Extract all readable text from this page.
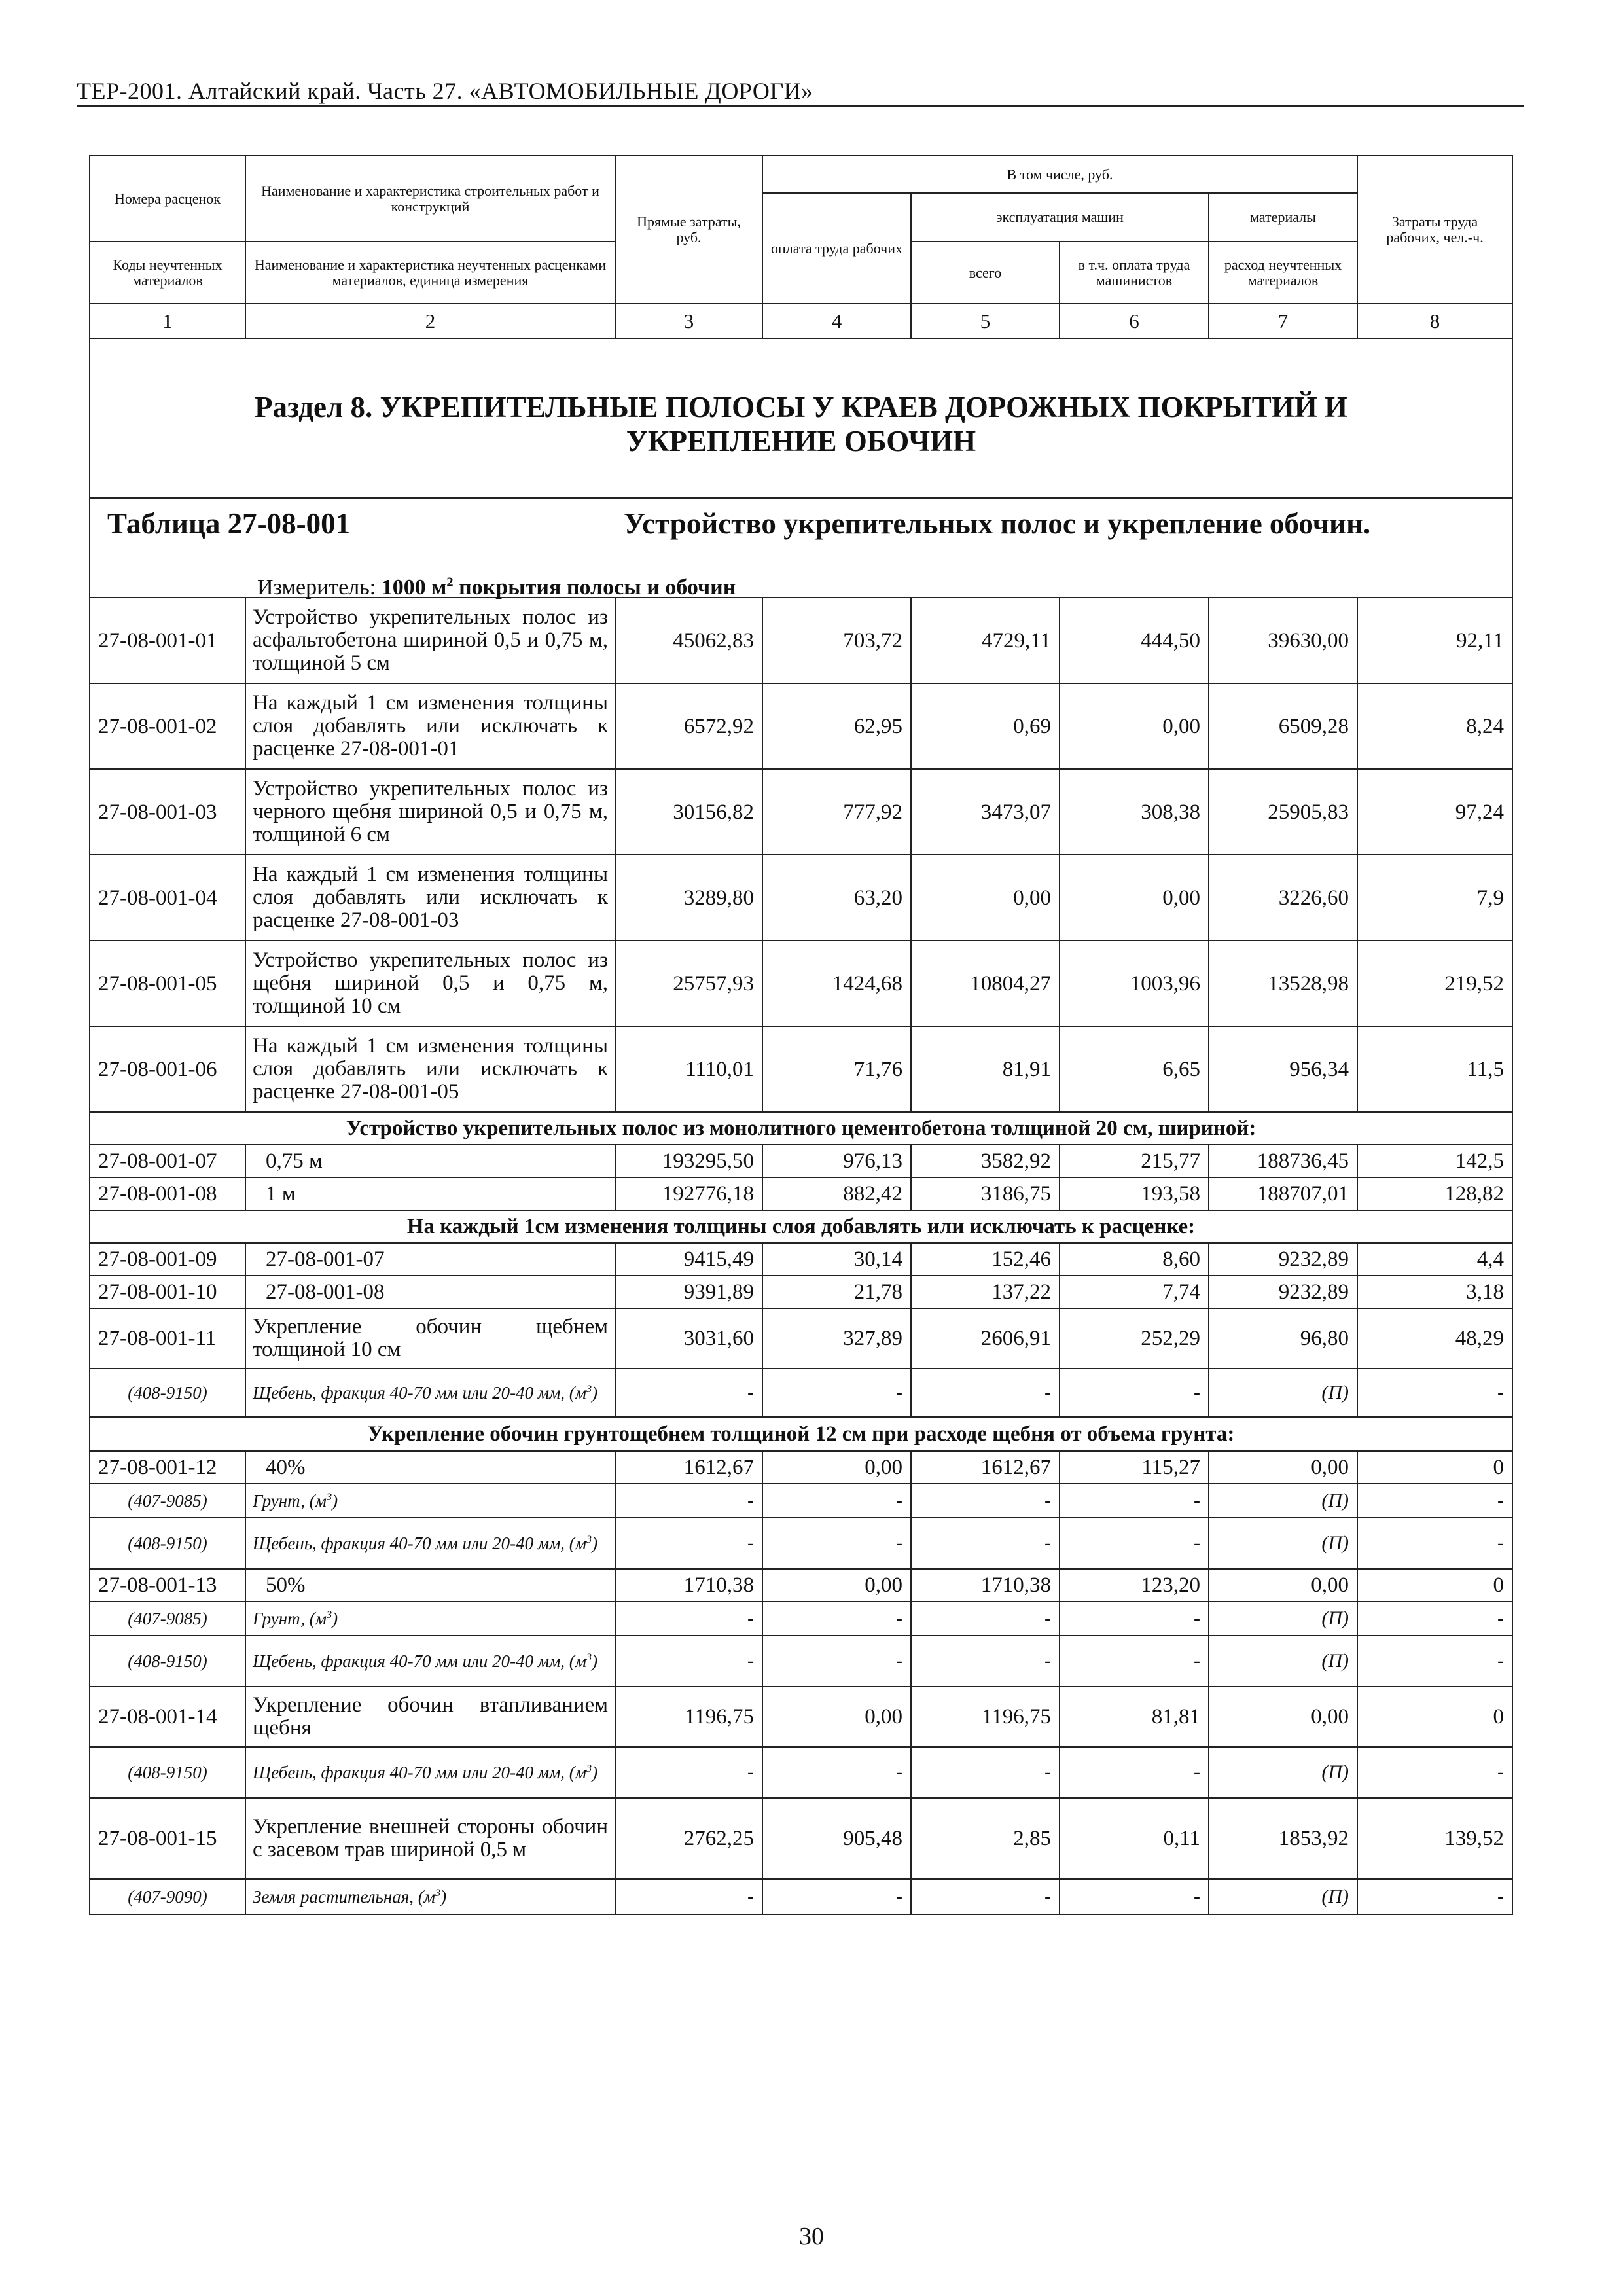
ТЕР-2001. Алтайский край. Часть 27. «АВТОМОБИЛЬНЫЕ ДОРОГИ»
Номера расценок	Наименование и характеристика строительных работ и конструкций	Прямые затраты, руб.	В том числе, руб.				Затраты труда рабочих, чел.-ч.
			оплата труда рабочих	эксплуатация машин		материалы	
Коды неучтенных материалов	Наименование и характеристика неучтенных расценками материалов, единица измерения			всего	в т.ч. оплата труда машинистов	расход неучтенных материалов	

1	2	3	4	5	6	7	8

Раздел 8. УКРЕПИТЕЛЬНЫЕ ПОЛОСЫ У КРАЕВ ДОРОЖНЫХ ПОКРЫТИЙ И УКРЕПЛЕНИЕ ОБОЧИН							

Таблица 27-08-001 Устройство укрепительных полос и укрепление обочин.
Измеритель: 1000 $м^2$ покрытия полосы и обочин							

27-08-001-01	Устройство укрепительных полос из асфальтобетона шириной 0,5 и 0,75 м, толщиной 5 см	45062,83	703,72	4729,11	444,50	39630,00	92,11
27-08-001-02	На каждый 1 см изменения толщины слоя добавлять или исключать к расценке 27-08-001-01	6572,92	62,95	0,69	0,00	6509,28	8,24
27-08-001-03	Устройство укрепительных полос из черного щебня шириной 0,5 и 0,75 м, толщиной 6 см	30156,82	777,92	3473,07	308,38	25905,83	97,24
27-08-001-04	На каждый 1 см изменения толщины слоя добавлять или исключать к расценке 27-08-001-03	3289,80	63,20	0,00	0,00	3226,60	7,9
27-08-001-05	Устройство укрепительных полос из щебня шириной 0,5 и 0,75 м, толщиной 10 см	25757,93	1424,68	10804,27	1003,96	13528,98	219,52
27-08-001-06	На каждый 1 см изменения толщины слоя добавлять или исключать к расценке 27-08-001-05	1110,01	71,76	81,91	6,65	956,34	11,5
Устройство укрепительных полос из монолитного цементобетона толщиной 20 см, шириной:							
27-08-001-07	0,75 м	193295,50	976,13	3582,92	215,77	188736,45	142,5
27-08-001-08	1 м	192776,18	882,42	3186,75	193,58	188707,01	128,82
На каждый 1см изменения толщины слоя добавлять или исключать к расценке:							
27-08-001-09	27-08-001-07	9415,49	30,14	152,46	8,60	9232,89	4,4
27-08-001-10	27-08-001-08	9391,89	21,78	137,22	7,74	9232,89	3,18
27-08-001-11	Укрепление обочин щебнем толщиной 10 см	3031,60	327,89	2606,91	252,29	96,80	48,29
(408-9150)	Щебень, фракция 40-70 мм или 20-40 мм, $(м^3)$	-	-	-	-	(П)	-
Укрепление обочин грунтощебнем толщиной 12 см при расходе щебня от объема грунта:							
27-08-001-12	40%	1612,67	0,00	1612,67	115,27	0,00	0
(407-9085)	Грунт, $(м^3)$	-	-	-	-	(П)	-
(408-9150)	Щебень, фракция 40-70 мм или 20-40 мм, $(м^3)$	-	-	-	-	(П)	-
27-08-001-13	50%	1710,38	0,00	1710,38	123,20	0,00	0
(407-9085)	Грунт, $(м^3)$	-	-	-	-	(П)	-
(408-9150)	Щебень, фракция 40-70 мм или 20-40 мм, $(м^3)$	-	-	-	-	(П)	-
27-08-001-14	Укрепление обочин втапливанием щебня	1196,75	0,00	1196,75	81,81	0,00	0
(408-9150)	Щебень, фракция 40-70 мм или 20-40 мм, $(м^3)$	-	-	-	-	(П)	-
27-08-001-15	Укрепление внешней стороны обочин с засевом трав шириной 0,5 м	2762,25	905,48	2,85	0,11	1853,92	139,52
(407-9090)	Земля растительная, $(м^3)$	-	-	-	-	(П)	-
30
